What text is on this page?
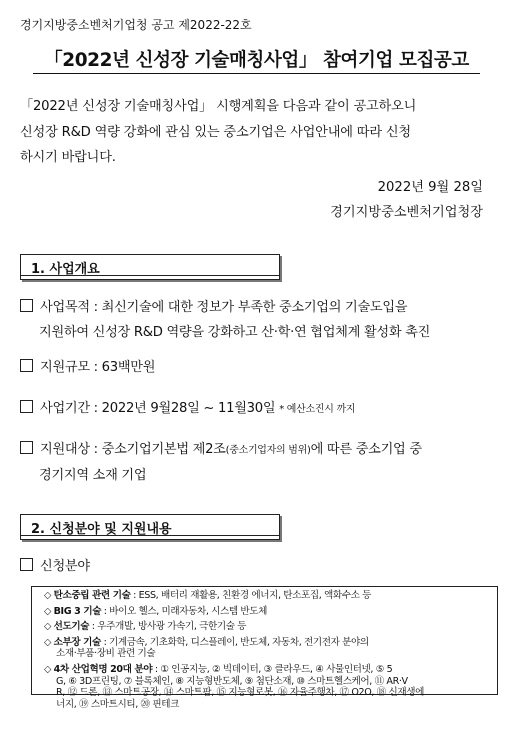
경기지방중소벤처기업청 공고 제2022-22호
「2022년 신성장 기술매칭사업」 참여기업 모집공고
「2022년 신성장 기술매칭사업」 시행계획을 다음과 같이 공고하오니
신성장 R&D 역량 강화에 관심 있는 중소기업은 사업안내에 따라 신청
하시기 바랍니다.
2022년 9월 28일
경기지방중소벤처기업청장
1. 사업개요
사업목적 : 최신기술에 대한 정보가 부족한 중소기업의 기술도입을
지원하여 신성장 R&D 역량을 강화하고 산·학·연 협업체계 활성화 촉진
지원규모 : 63백만원
사업기간 : 2022년 9월28일 ~ 11월30일 * 예산소진시 까지
지원대상 : 중소기업기본법 제2조(중소기업자의 범위)에 따른 중소기업 중
경기지역 소재 기업
2. 신청분야 및 지원내용
신청분야
◇ 탄소중립 관련 기술 : ESS, 배터리 재활용, 친환경 에너지, 탄소포집, 액화수소 등
◇ BIG 3 기술 : 바이오 헬스, 미래자동차, 시스템 반도체
◇ 선도기술 : 우주개발, 방사광 가속기, 극한기술 등
◇ 소부장 기술 : 기계금속, 기초화학, 디스플레이, 반도체, 자동차, 전기전자 분야의
소재·부품·장비 관련 기술
◇ 4차 산업혁명 20대 분야 : ① 인공지능, ② 빅데이터, ③ 클라우드, ④ 사물인터넷, ⑤ 5
G, ⑥ 3D프린팅, ⑦ 블록체인, ⑧ 지능형반도체, ⑨ 첨단소재, ⑩ 스마트헬스케어, ⑪ AR·V
R, ⑫ 드론, ⑬ 스마트공장, ⑭ 스마트팜, ⑮ 지능형로봇, ⑯ 자율주행차, ⑰ O2O, ⑱ 신재생에
너지, ⑲ 스마트시티, ⑳ 핀테크
